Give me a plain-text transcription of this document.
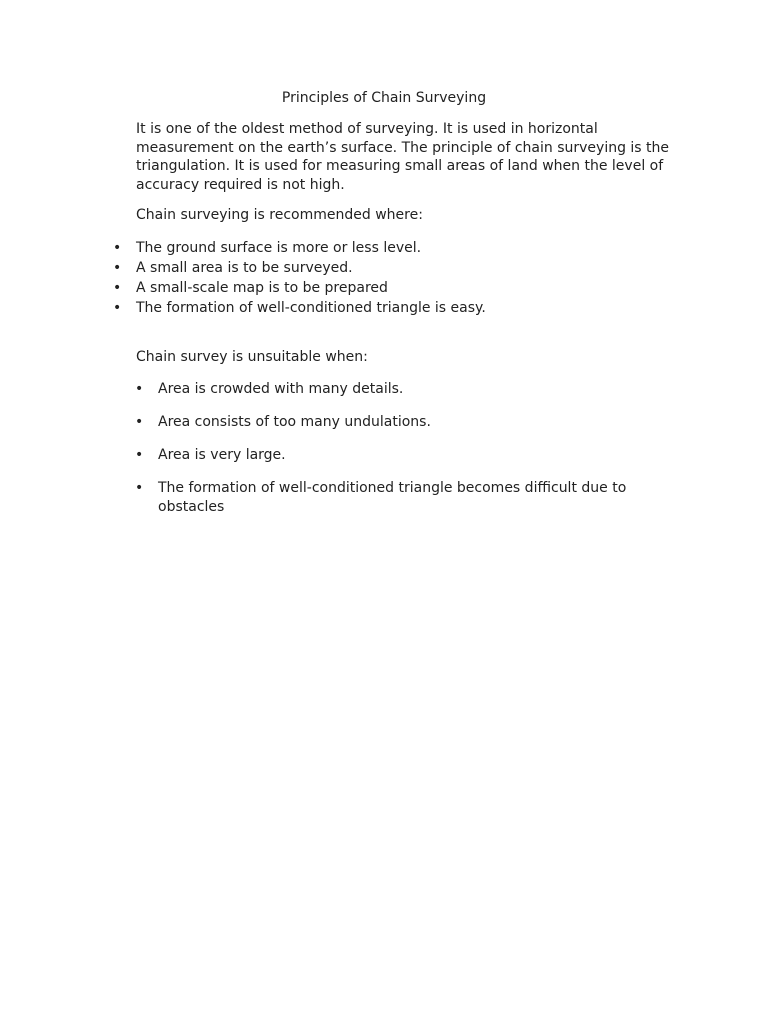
Principles of Chain Surveying

It is one of the oldest method of surveying. It is used in horizontal measurement on the earth’s surface. The principle of chain surveying is the triangulation. It is used for measuring small areas of land when the level of accuracy required is not high.

Chain surveying is recommended where:

• The ground surface is more or less level.
• A small area is to be surveyed.
• A small-scale map is to be prepared
• The formation of well-conditioned triangle is easy.

Chain survey is unsuitable when:

• Area is crowded with many details.
• Area consists of too many undulations.
• Area is very large.
• The formation of well-conditioned triangle becomes difficult due to obstacles
